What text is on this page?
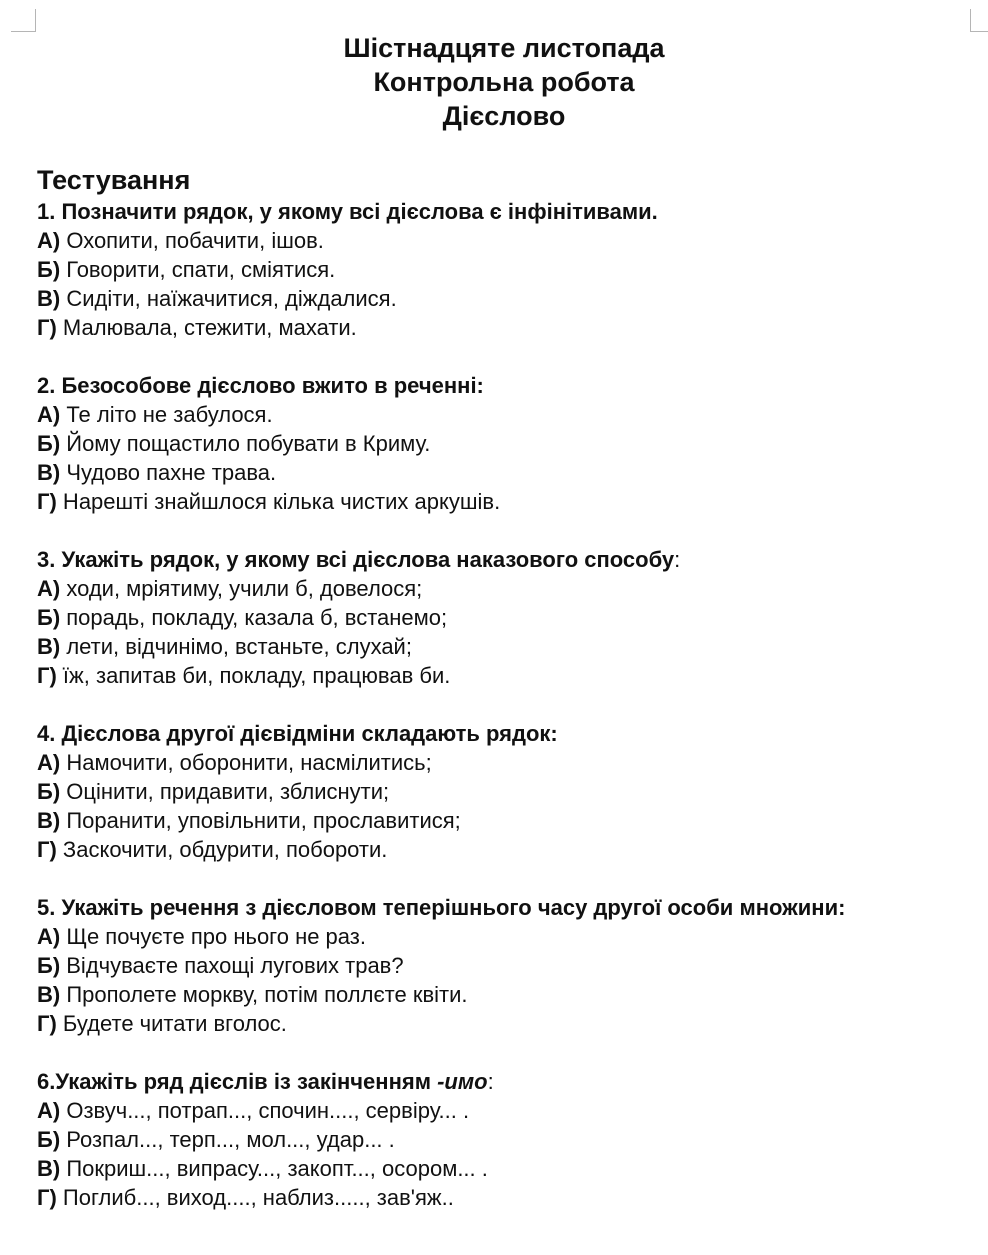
Шістнадцяте листопада
Контрольна робота
Дієслово
Тестування
1. Позначити рядок, у якому всі дієслова є інфінітивами.
А) Охопити, побачити, ішов.
Б) Говорити, спати, сміятися.
В) Сидіти, наїжачитися, діждалися.
Г) Малювала, стежити, махати.
2. Безособове дієслово вжито в реченні:
А) Те літо не забулося.
Б) Йому пощастило побувати в Криму.
В) Чудово пахне трава.
Г) Нарешті знайшлося кілька чистих аркушів.
3. Укажіть рядок, у якому всі дієслова наказового способу:
А) ходи, мріятиму, учили б, довелося;
Б) порадь, покладу, казала б, встанемо;
В) лети, відчинімо, встаньте, слухай;
Г) їж, запитав би, покладу, працював би.
4. Дієслова другої дієвідміни складають рядок:
А) Намочити, оборонити, насмілитись;
Б) Оцінити, придавити, зблиснути;
В) Поранити, уповільнити, прославитися;
Г) Заскочити, обдурити, побороти.
5. Укажіть речення з дієсловом теперішнього часу другої особи множини:
А) Ще почуєте про нього не раз.
Б) Відчуваєте пахощі лугових трав?
В) Прополете моркву, потім поллєте квіти.
Г) Будете читати вголос.
6.Укажіть ряд дієслів із закінченням -имо:
А) Озвуч..., потрап..., спочин...., сервіру... .
Б) Розпал..., терп..., мол..., удар... .
В) Покриш..., випрасу..., закопт..., осором... .
Г) Поглиб..., виход...., наблиз....., зав'яж..
